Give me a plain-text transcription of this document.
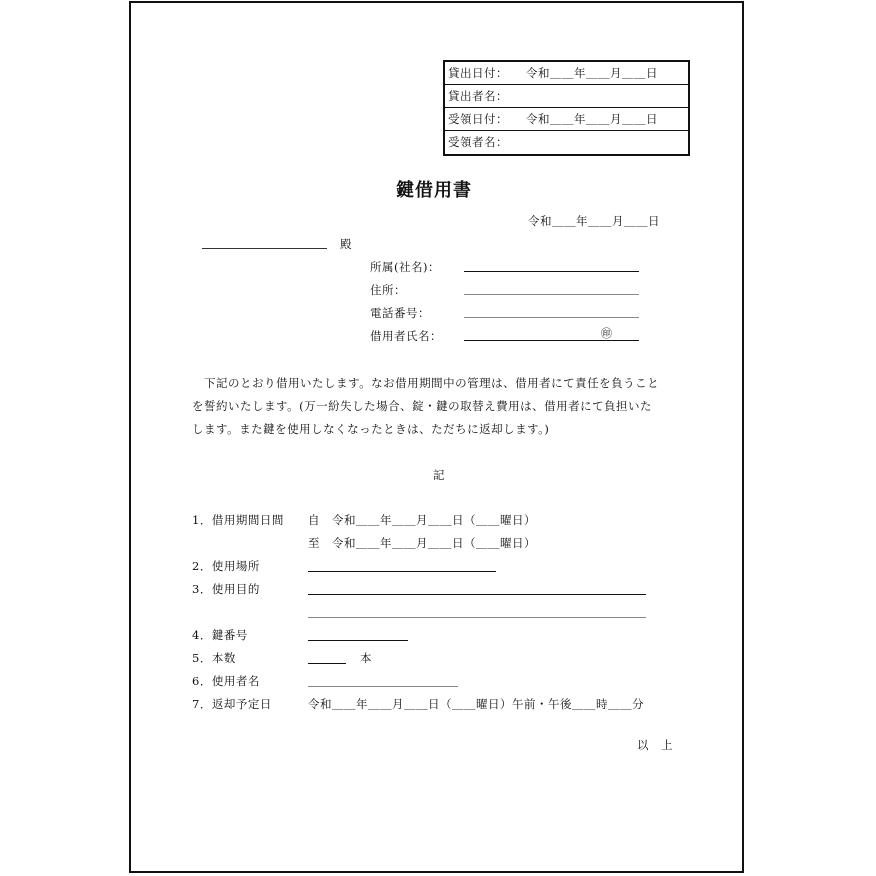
貸出日付： 令和＿＿年＿＿月＿＿日
貸出者名：
受領日付： 令和＿＿年＿＿月＿＿日
受領者名：
鍵借用書
令和＿＿年＿＿月＿＿日
殿
所属(社名)：
住所：
電話番号：
借用者氏名：	㊞
　下記のとおり借用いたします。なお借用期間中の管理は、借用者にて責任を負うこと
を誓約いたします。(万一紛失した場合、錠・鍵の取替え費用は、借用者にて負担いた
します。また鍵を使用しなくなったときは、ただちに返却します。)
記
1．借用期間日間 自　令和＿＿年＿＿月＿＿日（＿＿曜日）
至　令和＿＿年＿＿月＿＿日（＿＿曜日）
2．使用場所
3．使用目的
4．鍵番号
5．本数	本
6．使用者名
7．返却予定日	令和＿＿年＿＿月＿＿日（＿＿曜日）午前・午後＿＿時＿＿分
以　上
